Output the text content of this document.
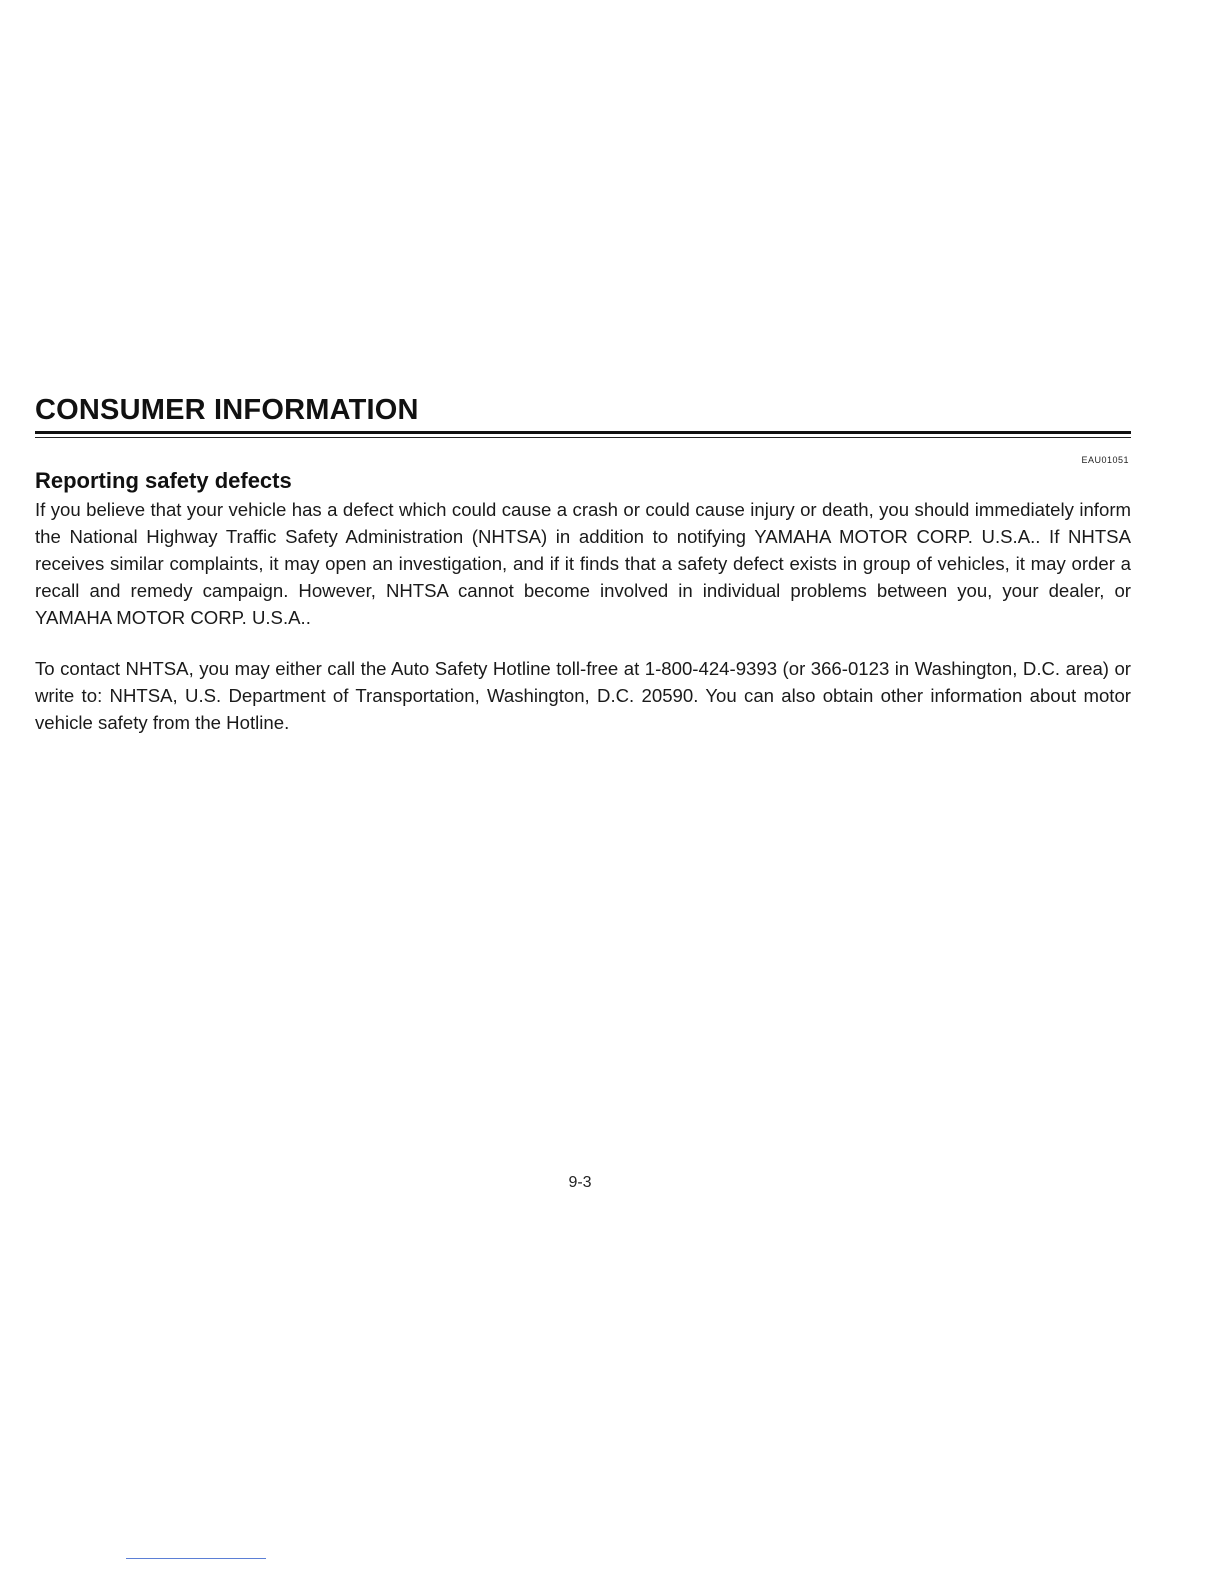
CONSUMER INFORMATION
EAU01051
Reporting safety defects

If you believe that your vehicle has a defect which could cause a crash or could cause injury or death, you should immediately inform the National Highway Traffic Safety Administration (NHTSA) in addition to notifying YAMAHA MOTOR CORP. U.S.A.. If NHTSA receives similar complaints, it may open an investigation, and if it finds that a safety defect exists in group of vehicles, it may order a recall and remedy campaign. However, NHTSA cannot become involved in individual problems between you, your dealer, or YAMAHA MOTOR CORP. U.S.A..

To contact NHTSA, you may either call the Auto Safety Hotline toll-free at 1-800-424-9393 (or 366-0123 in Washington, D.C. area) or write to: NHTSA, U.S. Department of Transportation, Washington, D.C. 20590. You can also obtain other information about motor vehicle safety from the Hotline.

9-3
